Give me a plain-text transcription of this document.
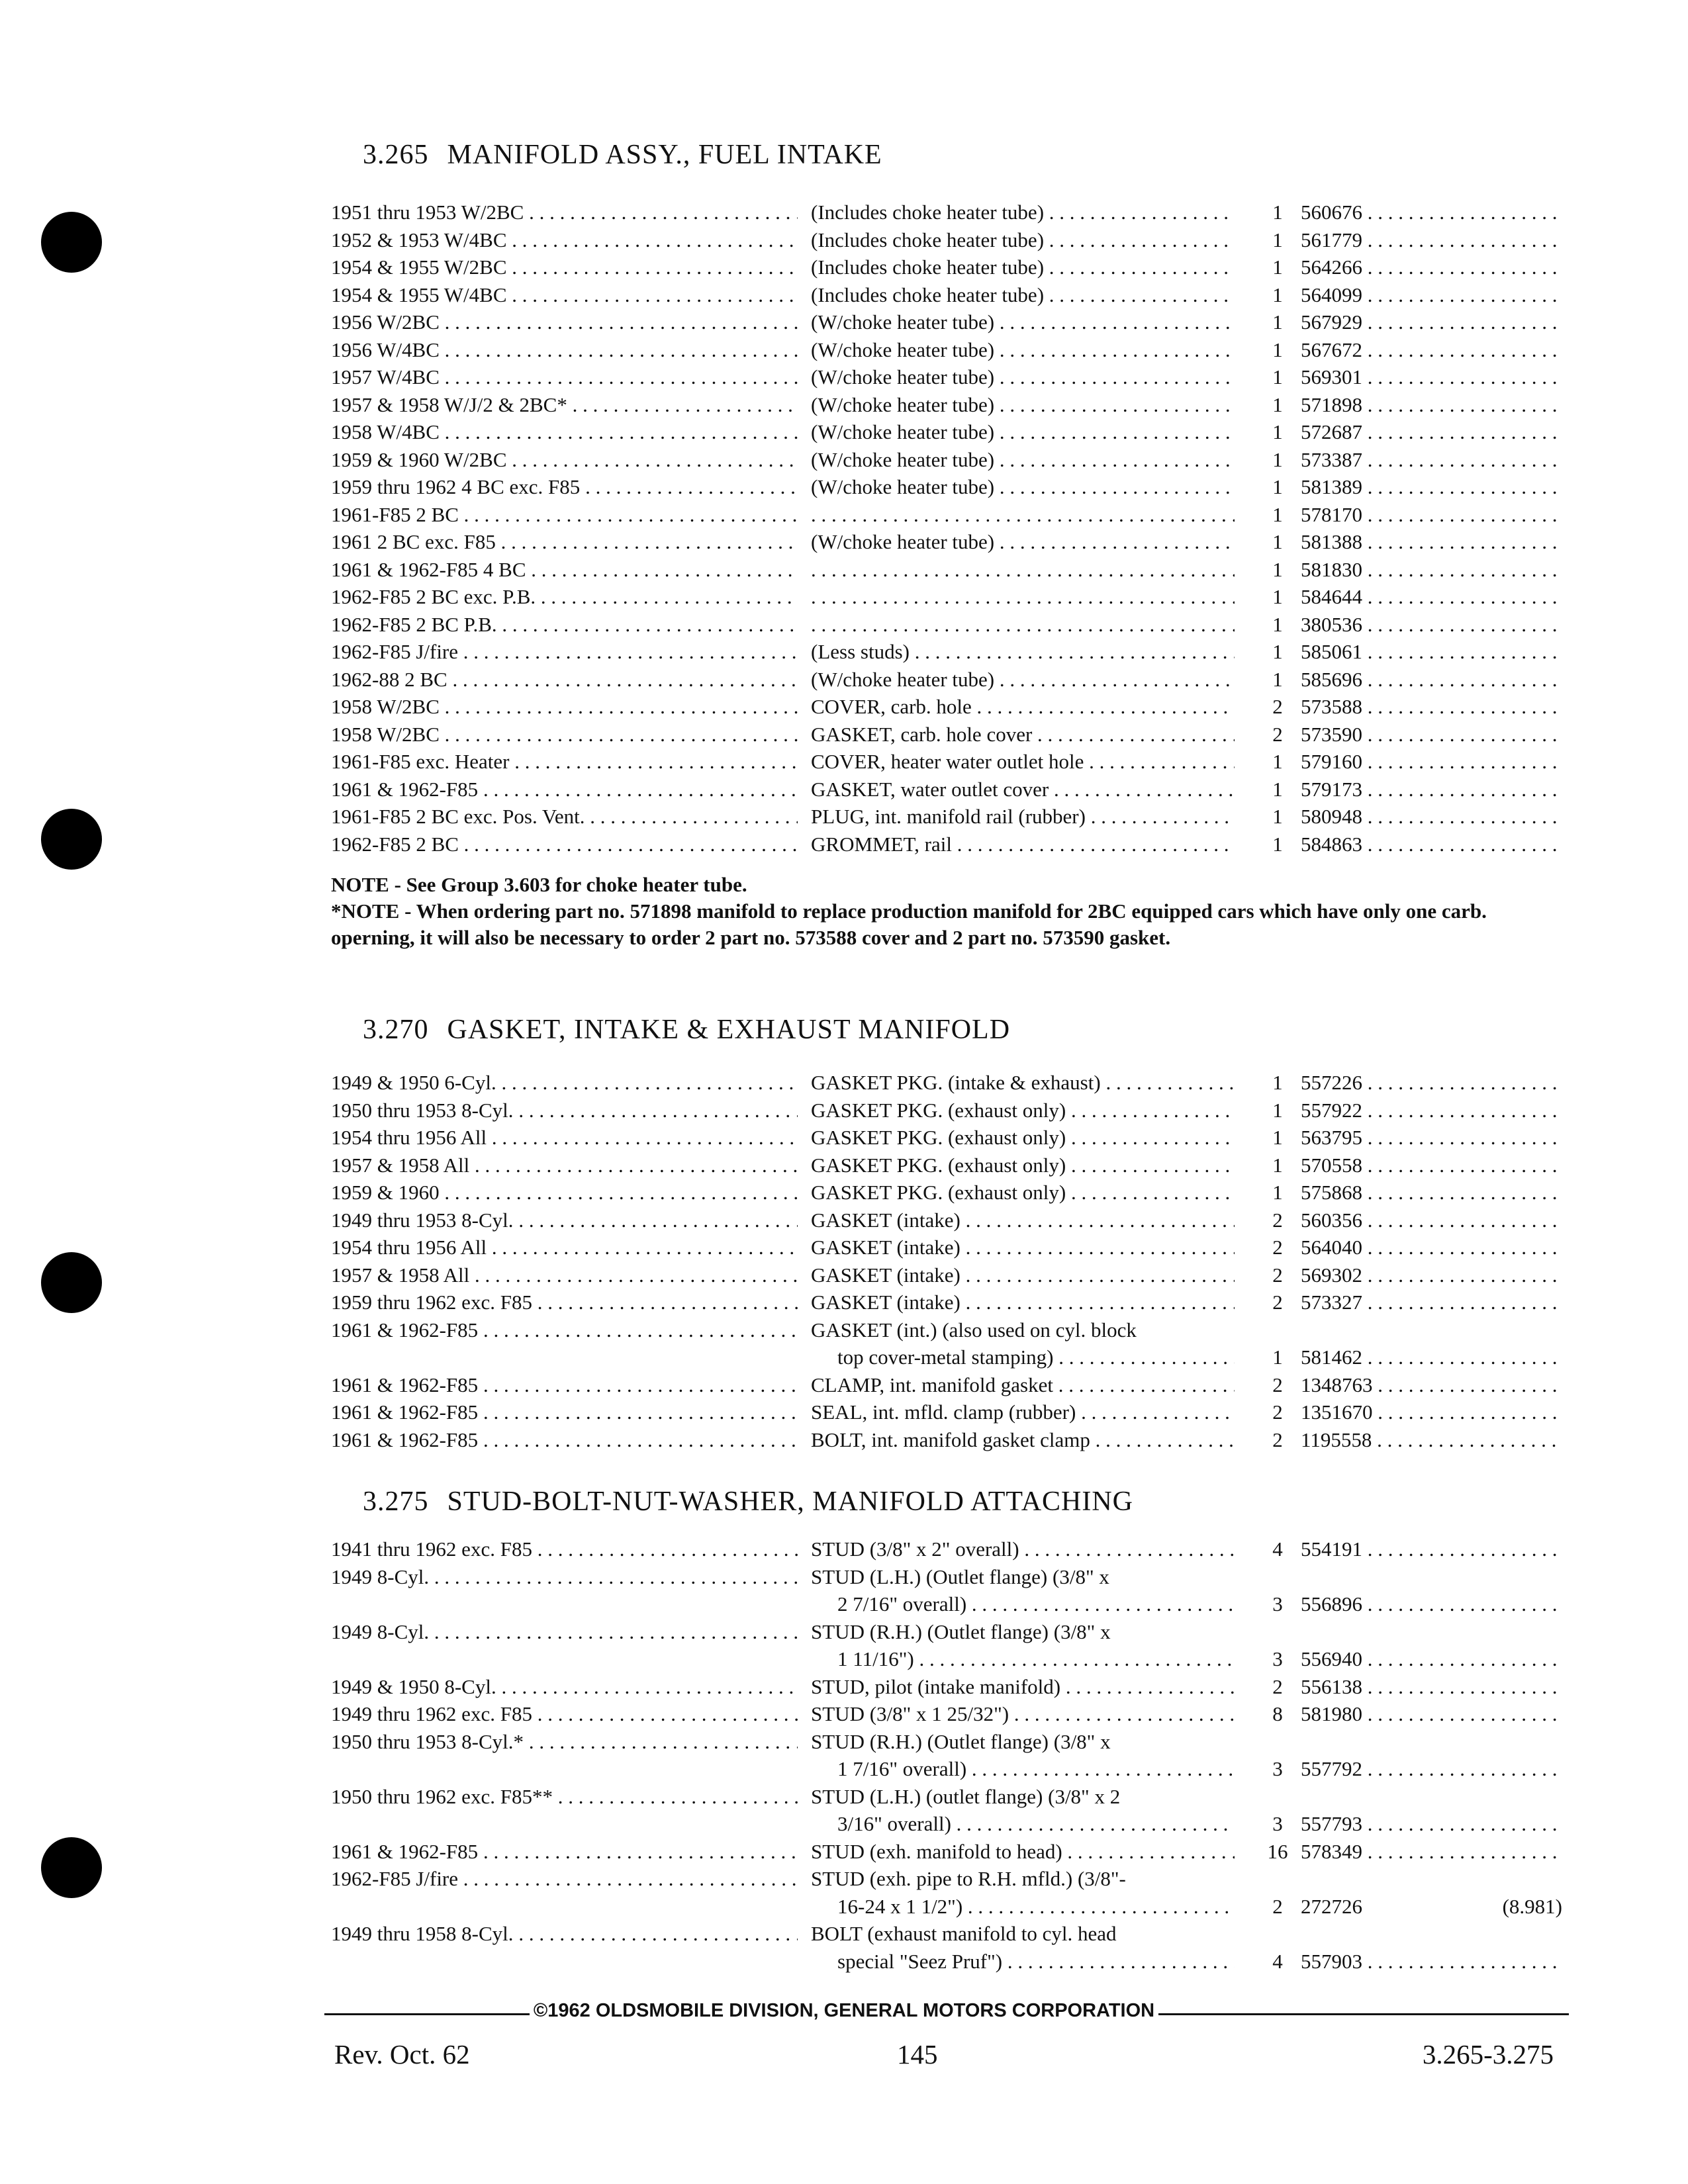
3.265 MANIFOLD ASSY., FUEL INTAKE
1951 thru 1953 W/2BC . . .	(Includes choke heater tube) . . .	1 560676 . . .
1952 & 1953 W/4BC . . .	(Includes choke heater tube) . . .	1 561779 . . .
1954 & 1955 W/2BC . . .	(Includes choke heater tube) . . .	1 564266 . . .
1954 & 1955 W/4BC . . .	(Includes choke heater tube) . . .	1 564099 . . .
1956 W/2BC . . .	(W/choke heater tube) . . .	1 567929 . . .
1956 W/4BC . . .	(W/choke heater tube) . . .	1 567672 . . .
1957 W/4BC . . .	(W/choke heater tube) . . .	1 569301 . . .
1957 & 1958 W/J/2 & 2BC* . . .	(W/choke heater tube) . . .	1 571898 . . .
1958 W/4BC . . .	(W/choke heater tube) . . .	1 572687 . . .
1959 & 1960 W/2BC . . .	(W/choke heater tube) . . .	1 573387 . . .
1959 thru 1962 4 BC exc. F85 . . .	(W/choke heater tube) . . .	1 581389 . . .
1961-F85 2 BC . . . . . .	1 578170 . . .
1961 2 BC exc. F85 . . .	(W/choke heater tube) . . .	1 581388 . . .
1961 & 1962-F85 4 BC . . . . . .	1 581830 . . .
1962-F85 2 BC exc. P.B. . . . . . .	1 584644 . . .
1962-F85 2 BC P.B. . . . . . .	1 380536 . . .
1962-F85 J/fire . . .	(Less studs) . . .	1 585061 . . .
1962-88 2 BC . . .	(W/choke heater tube) . . .	1 585696 . . .
1958 W/2BC . . .	COVER, carb. hole . . .	2 573588 . . .
1958 W/2BC . . .	GASKET, carb. hole cover . . .	2 573590 . . .
1961-F85 exc. Heater . . .	COVER, heater water outlet hole . . .	1 579160 . . .
1961 & 1962-F85 . . .	GASKET, water outlet cover . . .	1 579173 . . .
1961-F85 2 BC exc. Pos. Vent. . . .	PLUG, int. manifold rail (rubber) . . .	1 580948 . . .
1962-F85 2 BC . . .	GROMMET, rail . . .	1 584863 . . .
NOTE - See Group 3.603 for choke heater tube.
*NOTE - When ordering part no. 571898 manifold to replace production manifold for 2BC equipped cars which have only one carb. operning, it will also be necessary to order 2 part no. 573588 cover and 2 part no. 573590 gasket.
3.270 GASKET, INTAKE & EXHAUST MANIFOLD
1949 & 1950 6-Cyl. . . .	GASKET PKG. (intake & exhaust) . . .	1 557226 . . .
1950 thru 1953 8-Cyl. . . .	GASKET PKG. (exhaust only) . . .	1 557922 . . .
1954 thru 1956 All . . .	GASKET PKG. (exhaust only) . . .	1 563795 . . .
1957 & 1958 All . . .	GASKET PKG. (exhaust only) . . .	1 570558 . . .
1959 & 1960 . . .	GASKET PKG. (exhaust only) . . .	1 575868 . . .
1949 thru 1953 8-Cyl. . . .	GASKET (intake) . . .	2 560356 . . .
1954 thru 1956 All . . .	GASKET (intake) . . .	2 564040 . . .
1957 & 1958 All . . .	GASKET (intake) . . .	2 569302 . . .
1959 thru 1962 exc. F85 . . .	GASKET (intake) . . .	2 573327 . . .
1961 & 1962-F85 . . .	GASKET (int.) (also used on cyl. block
top cover-metal stamping) . . .	1 581462 . . .
1961 & 1962-F85 . . .	CLAMP, int. manifold gasket . . .	2 1348763 . . .
1961 & 1962-F85 . . .	SEAL, int. mfld. clamp (rubber) . . .	2 1351670 . . .
1961 & 1962-F85 . . .	BOLT, int. manifold gasket clamp . . .	2 1195558 . . .
3.275 STUD-BOLT-NUT-WASHER, MANIFOLD ATTACHING
1941 thru 1962 exc. F85 . . .	STUD (3/8" x 2" overall) . . .	4 554191 . . .
1949 8-Cyl. . . .	STUD (L.H.) (Outlet flange) (3/8" x
2 7/16" overall) . . .	3 556896 . . .
1949 8-Cyl. . . .	STUD (R.H.) (Outlet flange) (3/8" x
1 11/16") . . .	3 556940 . . .
1949 & 1950 8-Cyl. . . .	STUD, pilot (intake manifold) . . .	2 556138 . . .
1949 thru 1962 exc. F85 . . .	STUD (3/8" x 1 25/32") . . .	8 581980 . . .
1950 thru 1953 8-Cyl.* . . .	STUD (R.H.) (Outlet flange) (3/8" x
1 7/16" overall) . . .	3 557792 . . .
1950 thru 1962 exc. F85** . . .	STUD (L.H.) (outlet flange) (3/8" x 2
3/16" overall) . . .	3 557793 . . .
1961 & 1962-F85 . . .	STUD (exh. manifold to head) . . .	16 578349 . . .
1962-F85 J/fire . . .	STUD (exh. pipe to R.H. mfld.) (3/8"-
16-24 x 1 1/2") . . .	2 272726	(8.981)
1949 thru 1958 8-Cyl. . . .	BOLT (exhaust manifold to cyl. head
special "Seez Pruf") . . .	4 557903 . . .
©1962 OLDSMOBILE DIVISION, GENERAL MOTORS CORPORATION
Rev. Oct. 62	145	3.265-3.275
